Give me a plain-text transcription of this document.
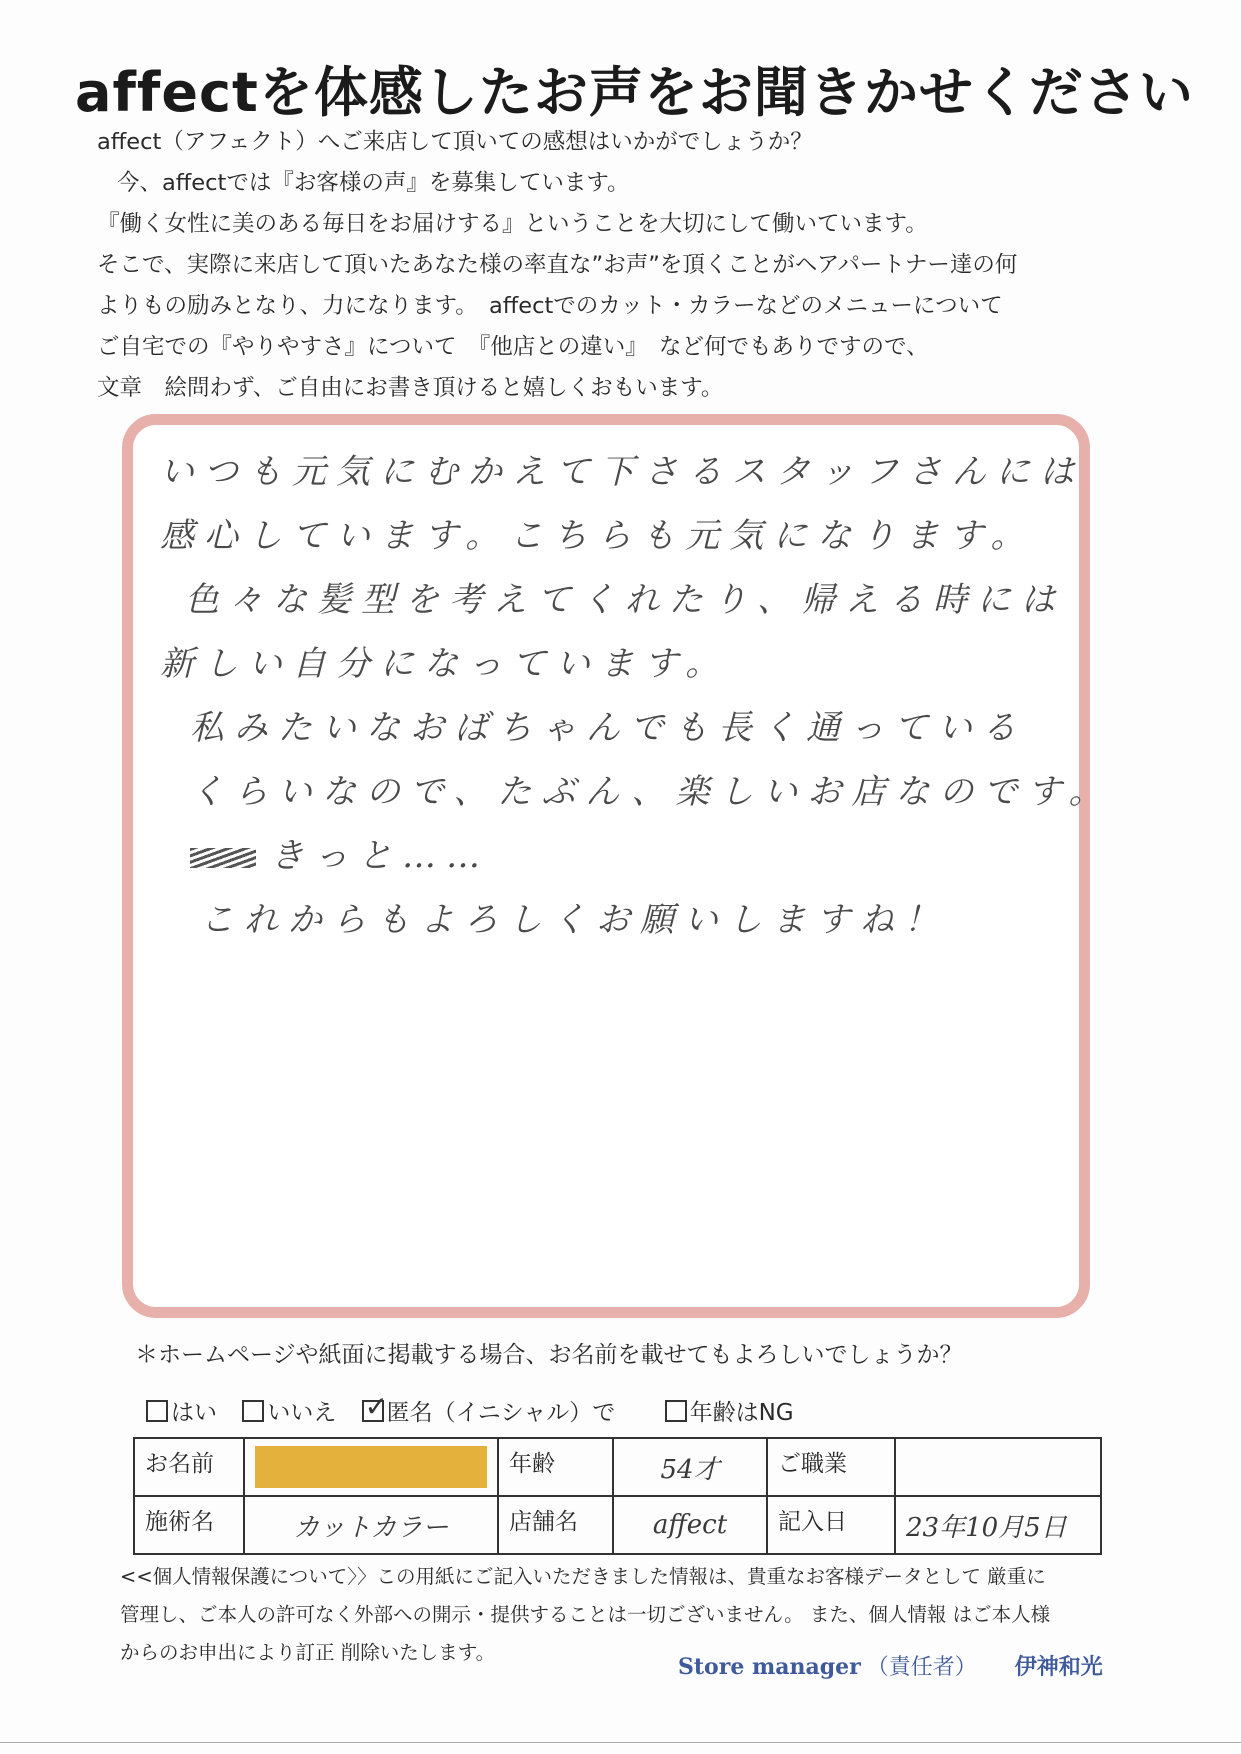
affectを体感したお声をお聞きかせください
affect（アフェクト）へご来店して頂いての感想はいかがでしょうか？
今、affectでは『お客様の声』を募集しています。
『働く女性に美のある毎日をお届けする』ということを大切にして働いています。
そこで、実際に来店して頂いたあなた様の率直な”お声”を頂くことがヘアパートナー達の何
よりもの励みとなり、力になります。　affectでのカット・カラーなどのメニューについて
ご自宅での『やりやすさ』について　『他店との違い』　など何でもありですので、
文章　絵問わず、ご自由にお書き頂けると嬉しくおもいます。
いつも元気にむかえて下さるスタッフさんには
感心しています。こちらも元気になります。
色々な髪型を考えてくれたり、帰える時には
新しい自分になっています。
私みたいなおばちゃんでも長く通っている
くらいなので、たぶん、楽しいお店なのです。
きっと……
これからもよろしくお願いしますね！
＊ホームページや紙面に掲載する場合、お名前を載せてもよろしいでしょうか？
はい
いいえ
✓ 匿名（イニシャル）で
	年齢はNG
お名前		年齢	54才	ご職業	
施術名	カットカラー	店舗名	affect	記入日	23年10月5日
<<個人情報保護について〉〉この用紙にご記入いただきました情報は、貴重なお客様データとして 厳重に
管理し、ご本人の許可なく外部への開示・提供することは一切ございません。 また、個人情報 はご本人様
からのお申出により訂正 削除いたします。
Store manager （責任者） 伊神和光
